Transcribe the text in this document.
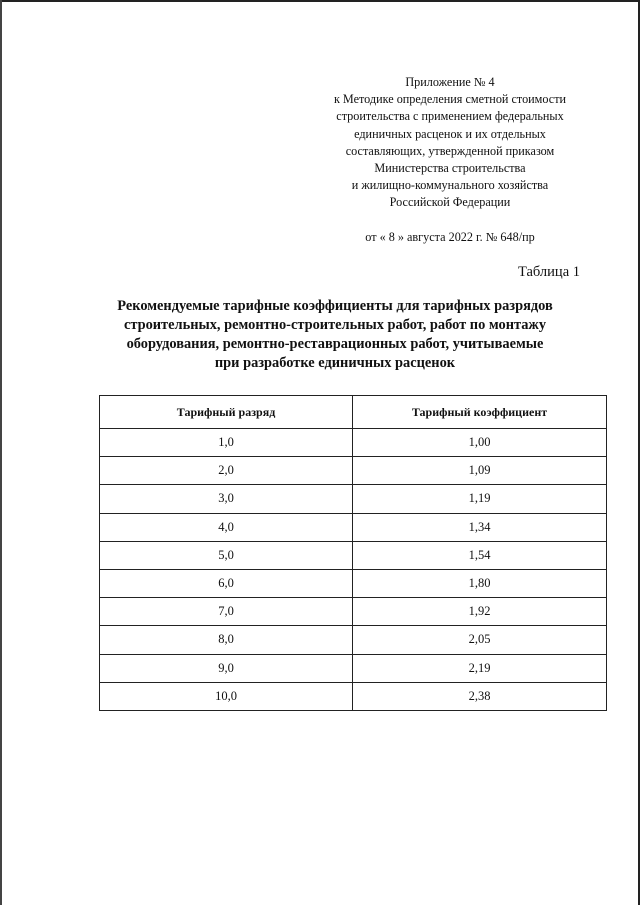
Приложение № 4
к Методике определения сметной стоимости
строительства с применением федеральных
единичных расценок и их отдельных
составляющих, утвержденной приказом
Министерства строительства
и жилищно-коммунального хозяйства
Российской Федерации
от « 8 » августа 2022 г. № 648/пр
Таблица 1
Рекомендуемые тарифные коэффициенты для тарифных разрядов
строительных, ремонтно-строительных работ, работ по монтажу
оборудования, ремонтно-реставрационных работ, учитываемые
при разработке единичных расценок
Тарифный разряд	Тарифный коэффициент
1,0	1,00
2,0	1,09
3,0	1,19
4,0	1,34
5,0	1,54
6,0	1,80
7,0	1,92
8,0	2,05
9,0	2,19
10,0	2,38
